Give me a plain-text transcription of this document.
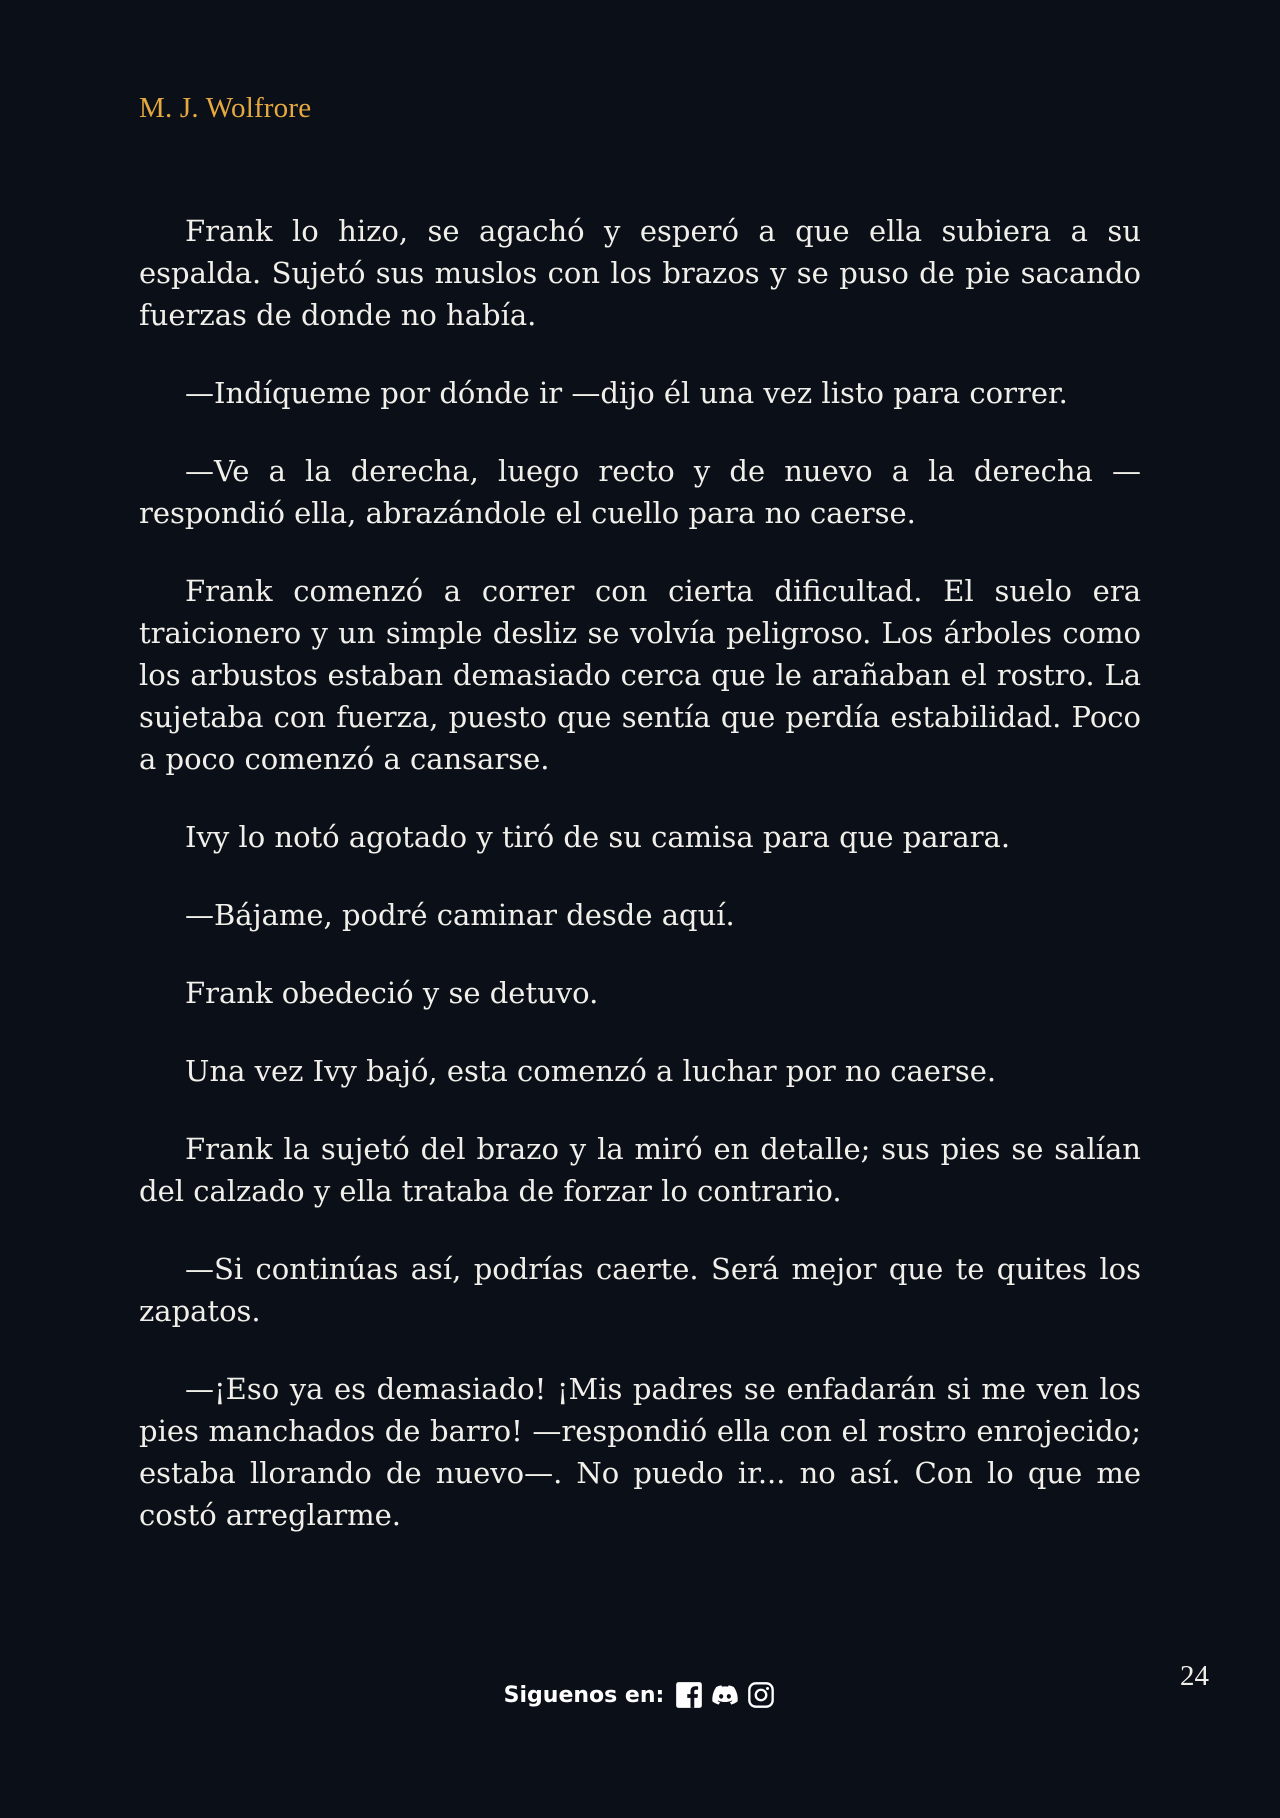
M. J. Wolfrore

Frank lo hizo, se agachó y esperó a que ella subiera a su espalda. Sujetó sus muslos con los brazos y se puso de pie sacando fuerzas de donde no había.

—Indíqueme por dónde ir —dijo él una vez listo para correr.

—Ve a la derecha, luego recto y de nuevo a la derecha —respondió ella, abrazándole el cuello para no caerse.

Frank comenzó a correr con cierta dificultad. El suelo era traicionero y un simple desliz se volvía peligroso. Los árboles como los arbustos estaban demasiado cerca que le arañaban el rostro. La sujetaba con fuerza, puesto que sentía que perdía estabilidad. Poco a poco comenzó a cansarse.

Ivy lo notó agotado y tiró de su camisa para que parara.

—Bájame, podré caminar desde aquí.

Frank obedeció y se detuvo.

Una vez Ivy bajó, esta comenzó a luchar por no caerse.

Frank la sujetó del brazo y la miró en detalle; sus pies se salían del calzado y ella trataba de forzar lo contrario.

—Si continúas así, podrías caerte. Será mejor que te quites los zapatos.

—¡Eso ya es demasiado! ¡Mis padres se enfadarán si me ven los pies manchados de barro! —respondió ella con el rostro enrojecido; estaba llorando de nuevo—. No puedo ir... no así. Con lo que me costó arreglarme.

24
Siguenos en:
